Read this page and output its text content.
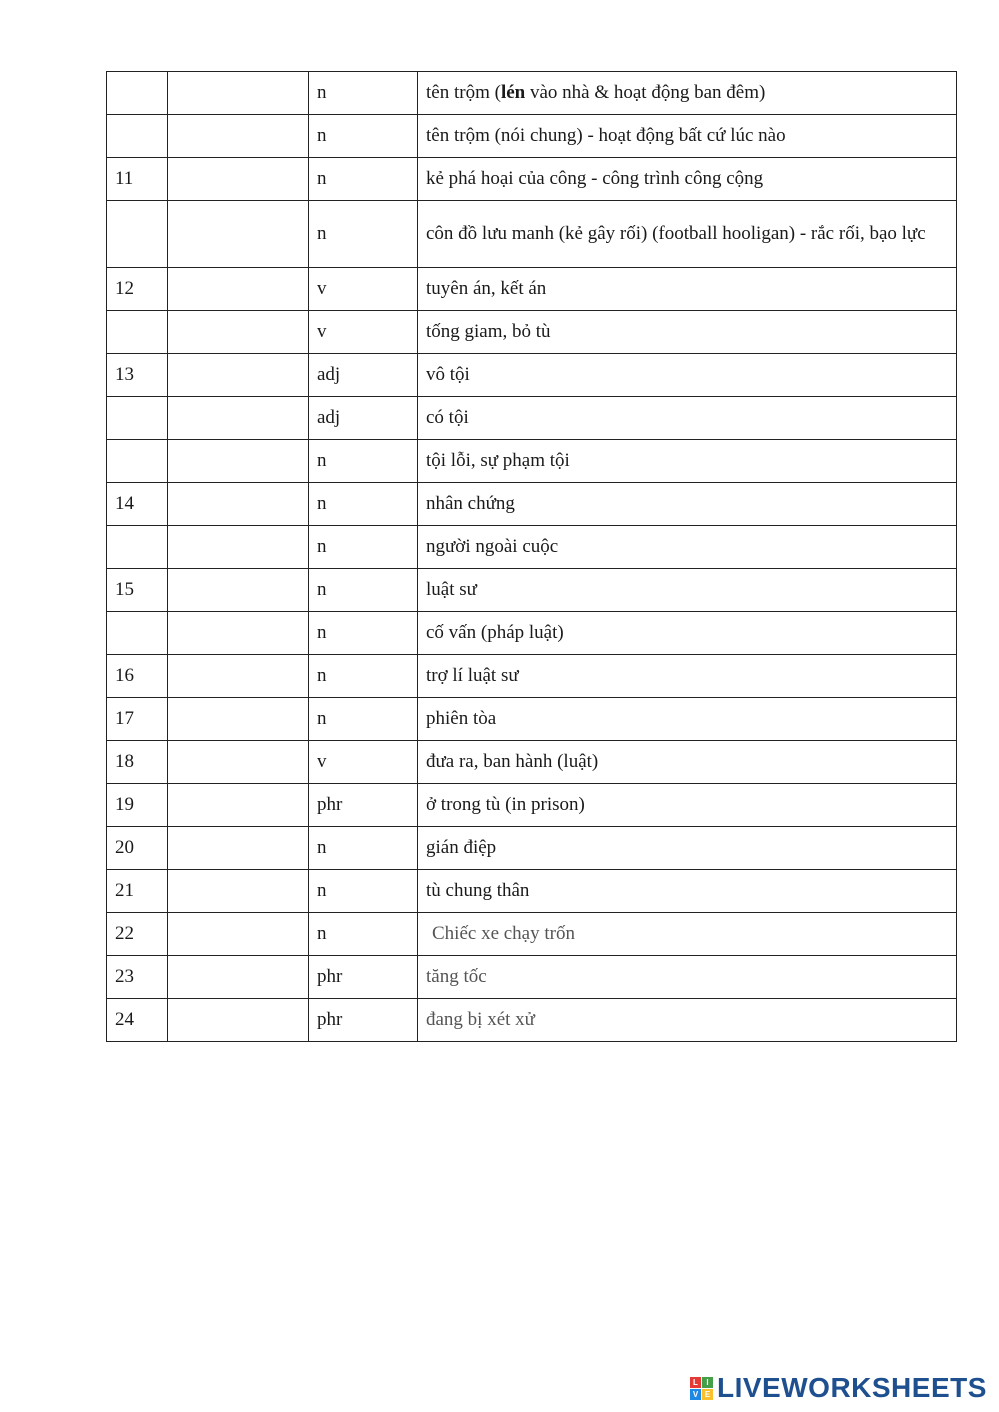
		n	tên trộm (lén vào nhà & hoạt động ban đêm)
		n	tên trộm (nói chung) - hoạt động bất cứ lúc nào
11		n	kẻ phá hoại của công - công trình công cộng
		n	côn đồ lưu manh (kẻ gây rối) (football hooligan) - rắc rối, bạo lực
12		v	tuyên án, kết án
		v	tống giam, bỏ tù
13		adj	vô tội
		adj	có tội
		n	tội lỗi, sự phạm tội
14		n	nhân chứng
		n	người ngoài cuộc
15		n	luật sư
		n	cố vấn (pháp luật)
16		n	trợ lí luật sư
17		n	phiên tòa
18		v	đưa ra, ban hành (luật)
19		phr	ở trong tù (in prison)
20		n	gián điệp
21		n	tù chung thân
22		n	Chiếc xe chạy trốn
23		phr	tăng tốc
24		phr	đang bị xét xử
L	I
V E LIVEWORKSHEETS
